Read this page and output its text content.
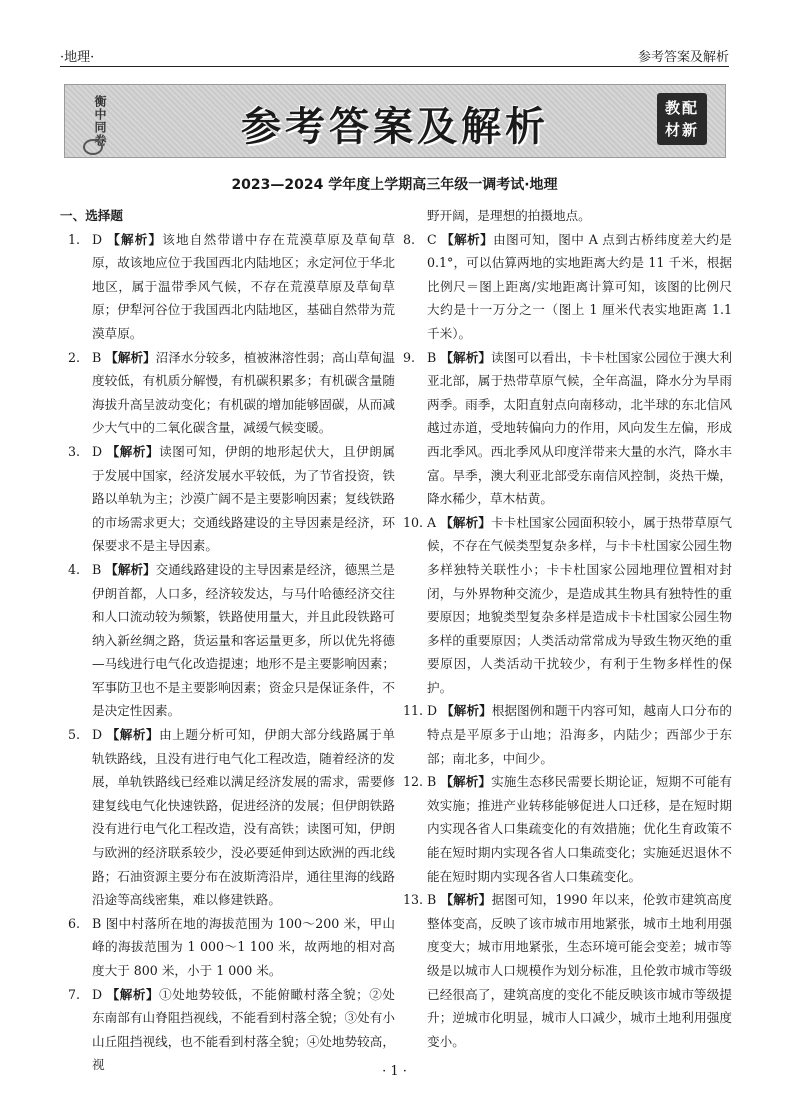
·地理·	参考答案及解析
衡中同卷	参考答案及解析	教配
材新
2023—2024 学年度上学期高三年级一调考试·地理
一、选择题
1. D 【解析】该地自然带谱中存在荒漠草原及草甸草原，故该地应位于我国西北内陆地区；永定河位于华北地区，属于温带季风气候，不存在荒漠草原及草甸草原；伊犁河谷位于我国西北内陆地区，基础自然带为荒漠草原。
2. B 【解析】沼泽水分较多，植被淋溶性弱；高山草甸温度较低，有机质分解慢，有机碳积累多；有机碳含量随海拔升高呈波动变化；有机碳的增加能够固碳，从而减少大气中的二氧化碳含量，减缓气候变暖。
3. D 【解析】读图可知，伊朗的地形起伏大，且伊朗属于发展中国家，经济发展水平较低，为了节省投资，铁路以单轨为主；沙漠广阔不是主要影响因素；复线铁路的市场需求更大；交通线路建设的主导因素是经济，环保要求不是主导因素。
4. B 【解析】交通线路建设的主导因素是经济，德黑兰是伊朗首都，人口多，经济较发达，与马什哈德经济交往和人口流动较为频繁，铁路使用量大，并且此段铁路可纳入新丝绸之路，货运量和客运量更多，所以优先将德—马线进行电气化改造提速；地形不是主要影响因素；军事防卫也不是主要影响因素；资金只是保证条件，不是决定性因素。
5. D 【解析】由上题分析可知，伊朗大部分线路属于单轨铁路线，且没有进行电气化工程改造，随着经济的发展，单轨铁路线已经难以满足经济发展的需求，需要修建复线电气化快速铁路，促进经济的发展；但伊朗铁路没有进行电气化工程改造，没有高铁；读图可知，伊朗与欧洲的经济联系较少，没必要延伸到达欧洲的西北线路；石油资源主要分布在波斯湾沿岸，通往里海的线路沿途等高线密集，难以修建铁路。
6. B 图中村落所在地的海拔范围为 100～200 米，甲山峰的海拔范围为 1 000～1 100 米，故两地的相对高度大于 800 米，小于 1 000 米。
7. D 【解析】①处地势较低，不能俯瞰村落全貌；②处东南部有山脊阻挡视线，不能看到村落全貌；③处有小山丘阻挡视线，也不能看到村落全貌；④处地势较高，视
野开阔，是理想的拍摄地点。
8. C 【解析】由图可知，图中 A 点到古桥纬度差大约是 0.1°，可以估算两地的实地距离大约是 11 千米，根据比例尺＝图上距离/实地距离计算可知，该图的比例尺大约是十一万分之一（图上 1 厘米代表实地距离 1.1 千米）。
9. B 【解析】读图可以看出，卡卡杜国家公园位于澳大利亚北部，属于热带草原气候，全年高温，降水分为旱雨两季。雨季，太阳直射点向南移动，北半球的东北信风越过赤道，受地转偏向力的作用，风向发生左偏，形成西北季风。西北季风从印度洋带来大量的水汽，降水丰富。旱季，澳大利亚北部受东南信风控制，炎热干燥，降水稀少，草木枯黄。
10. A 【解析】卡卡杜国家公园面积较小，属于热带草原气候，不存在气候类型复杂多样，与卡卡杜国家公园生物多样独特关联性小；卡卡杜国家公园地理位置相对封闭，与外界物种交流少，是造成其生物具有独特性的重要原因；地貌类型复杂多样是造成卡卡杜国家公园生物多样的重要原因；人类活动常常成为导致生物灭绝的重要原因，人类活动干扰较少，有利于生物多样性的保护。
11. D 【解析】根据图例和题干内容可知，越南人口分布的特点是平原多于山地；沿海多，内陆少；西部少于东部；南北多，中间少。
12. B 【解析】实施生态移民需要长期论证，短期不可能有效实施；推进产业转移能够促进人口迁移，是在短时期内实现各省人口集疏变化的有效措施；优化生育政策不能在短时期内实现各省人口集疏变化；实施延迟退休不能在短时期内实现各省人口集疏变化。
13. B 【解析】据图可知，1990 年以来，伦敦市建筑高度整体变高，反映了该市城市用地紧张，城市土地利用强度变大；城市用地紧张，生态环境可能会变差；城市等级是以城市人口规模作为划分标准，且伦敦市城市等级已经很高了，建筑高度的变化不能反映该市城市等级提升；逆城市化明显，城市人口减少，城市土地利用强度变小。
· 1 ·
